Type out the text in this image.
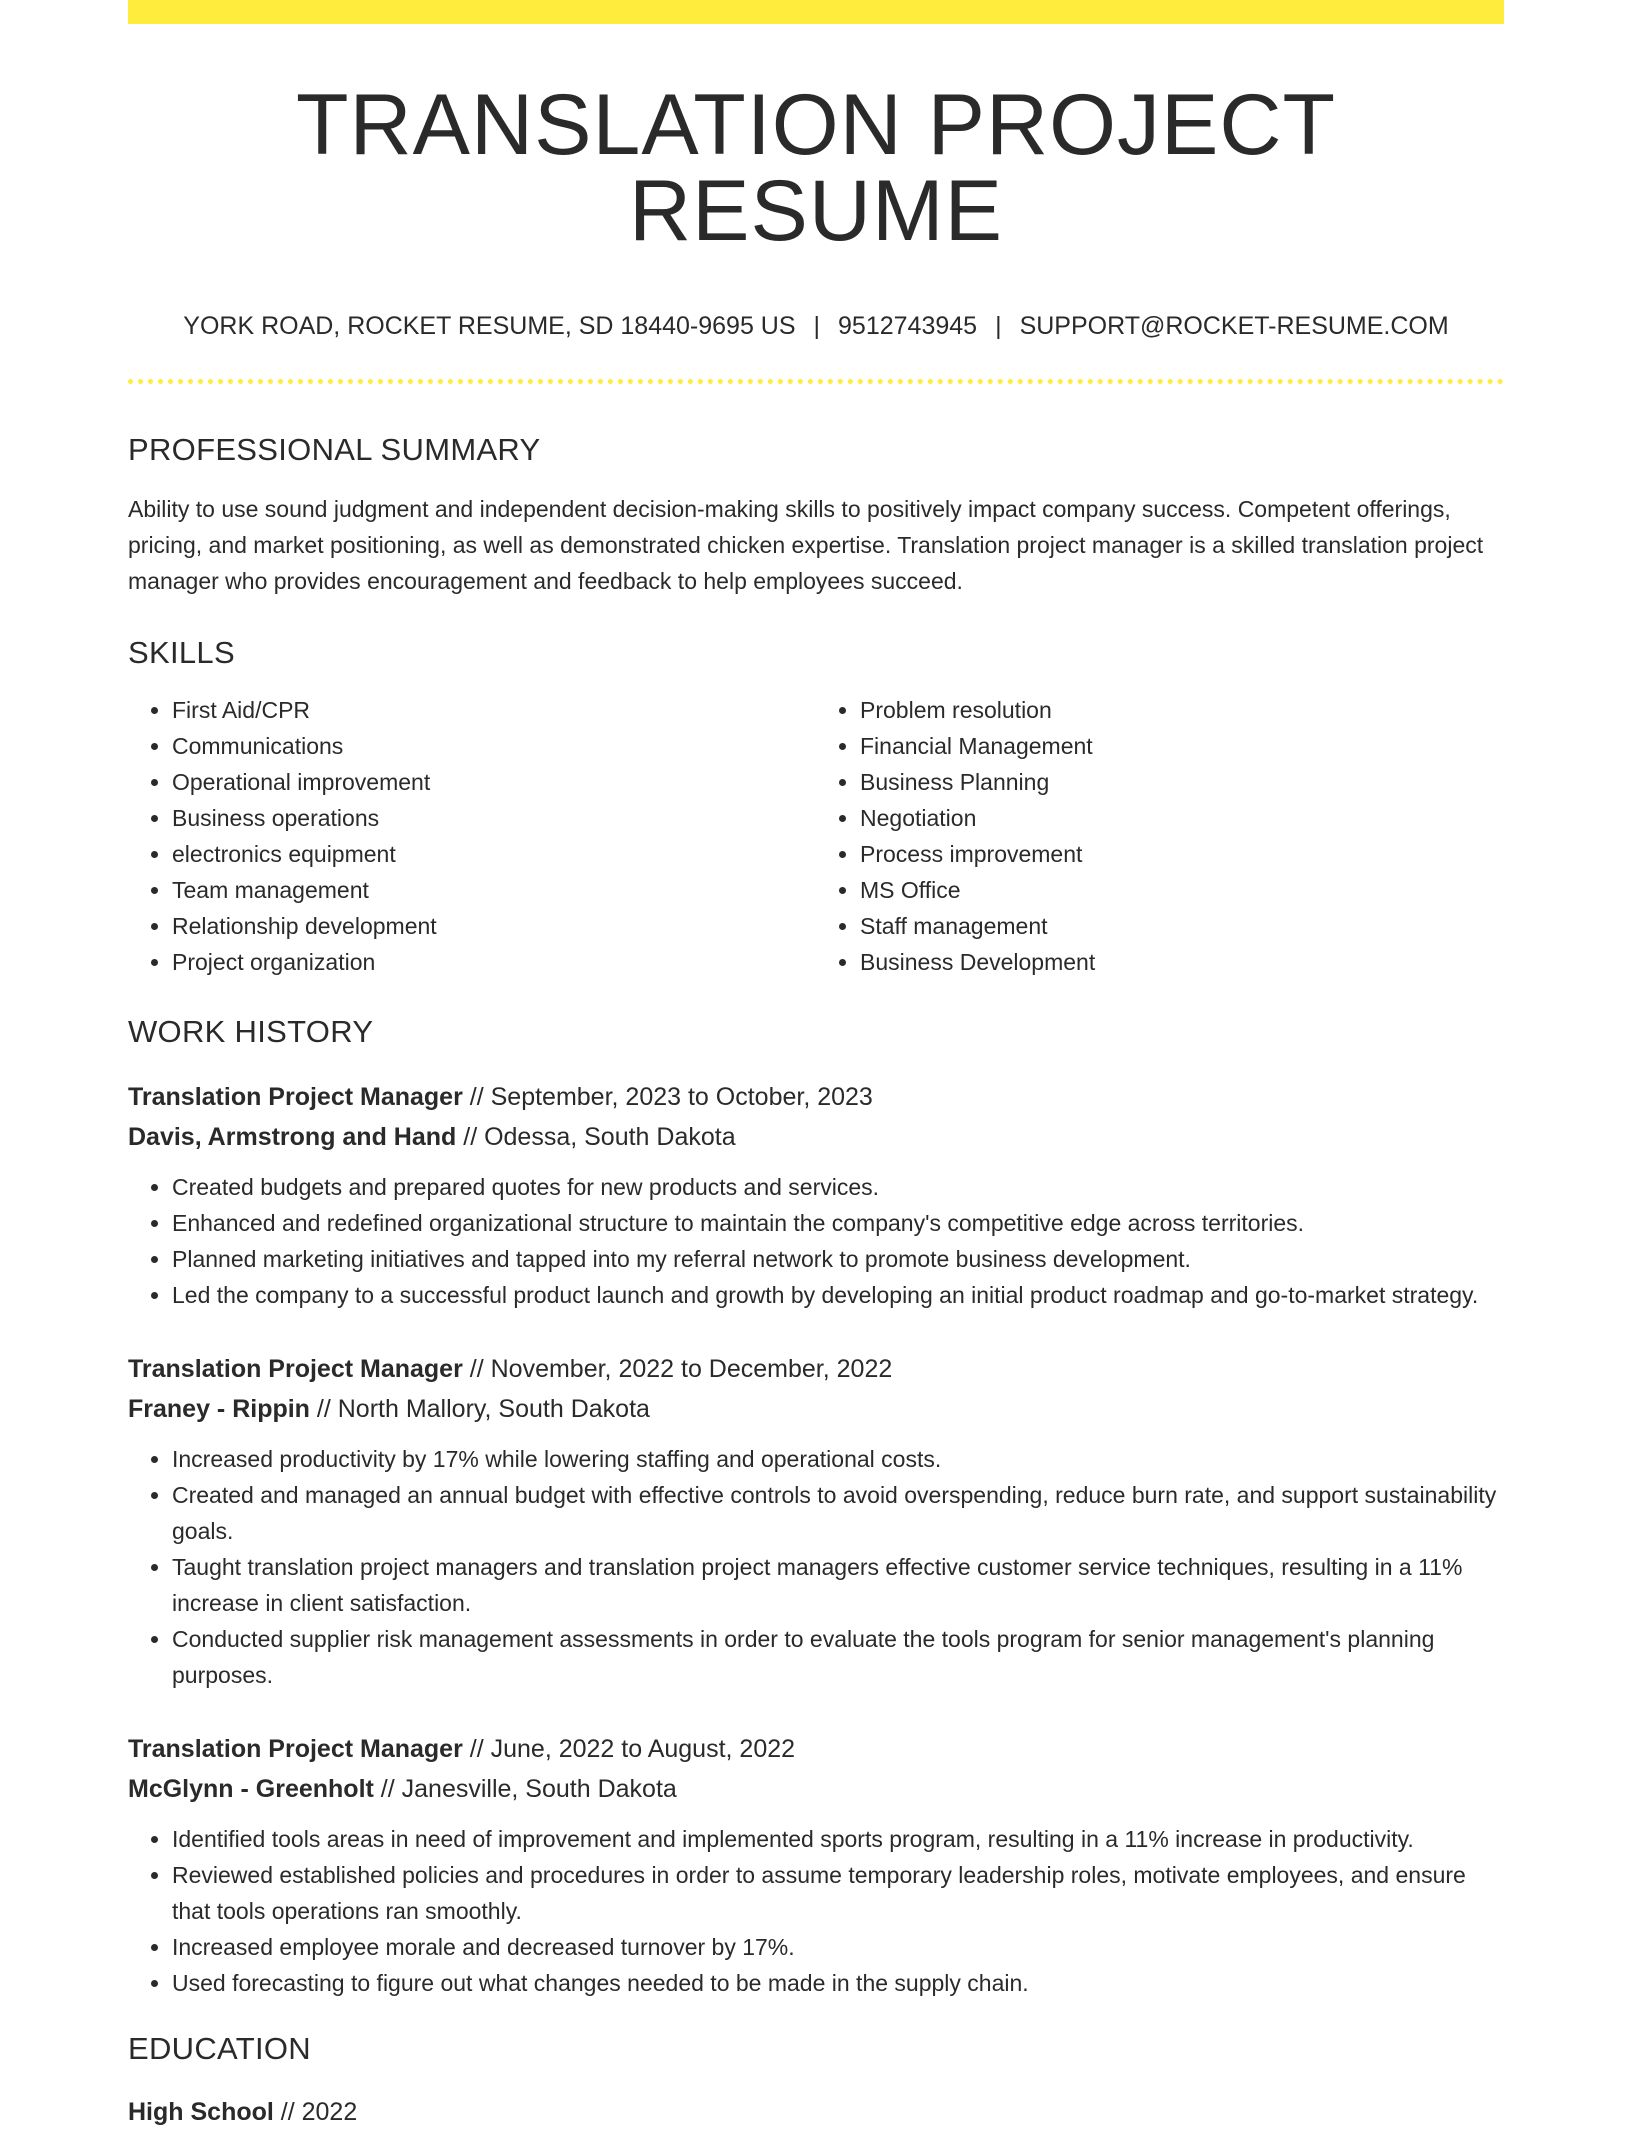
TRANSLATION PROJECT RESUME
YORK ROAD, ROCKET RESUME, SD 18440-9695 US | 9512743945 | SUPPORT@ROCKET-RESUME.COM
PROFESSIONAL SUMMARY

Ability to use sound judgment and independent decision-making skills to positively impact company success. Competent offerings, pricing, and market positioning, as well as demonstrated chicken expertise. Translation project manager is a skilled translation project manager who provides encouragement and feedback to help employees succeed.

SKILLS
• First Aid/CPR
• Communications
• Operational improvement
• Business operations
• electronics equipment
• Team management
• Relationship development
• Project organization
• Problem resolution
• Financial Management
• Business Planning
• Negotiation
• Process improvement
• MS Office
• Staff management
• Business Development
WORK HISTORY
Translation Project Manager // September, 2023 to October, 2023
Davis, Armstrong and Hand // Odessa, South Dakota
• Created budgets and prepared quotes for new products and services.
• Enhanced and redefined organizational structure to maintain the company's competitive edge across territories.
• Planned marketing initiatives and tapped into my referral network to promote business development.
• Led the company to a successful product launch and growth by developing an initial product roadmap and go-to-market strategy.
Translation Project Manager // November, 2022 to December, 2022
Franey - Rippin // North Mallory, South Dakota
• Increased productivity by 17% while lowering staffing and operational costs.
• Created and managed an annual budget with effective controls to avoid overspending, reduce burn rate, and support sustainability goals.
• Taught translation project managers and translation project managers effective customer service techniques, resulting in a 11% increase in client satisfaction.
• Conducted supplier risk management assessments in order to evaluate the tools program for senior management's planning purposes.
Translation Project Manager // June, 2022 to August, 2022
McGlynn - Greenholt // Janesville, South Dakota
• Identified tools areas in need of improvement and implemented sports program, resulting in a 11% increase in productivity.
• Reviewed established policies and procedures in order to assume temporary leadership roles, motivate employees, and ensure that tools operations ran smoothly.
• Increased employee morale and decreased turnover by 17%.
• Used forecasting to figure out what changes needed to be made in the supply chain.
EDUCATION
High School // 2022
